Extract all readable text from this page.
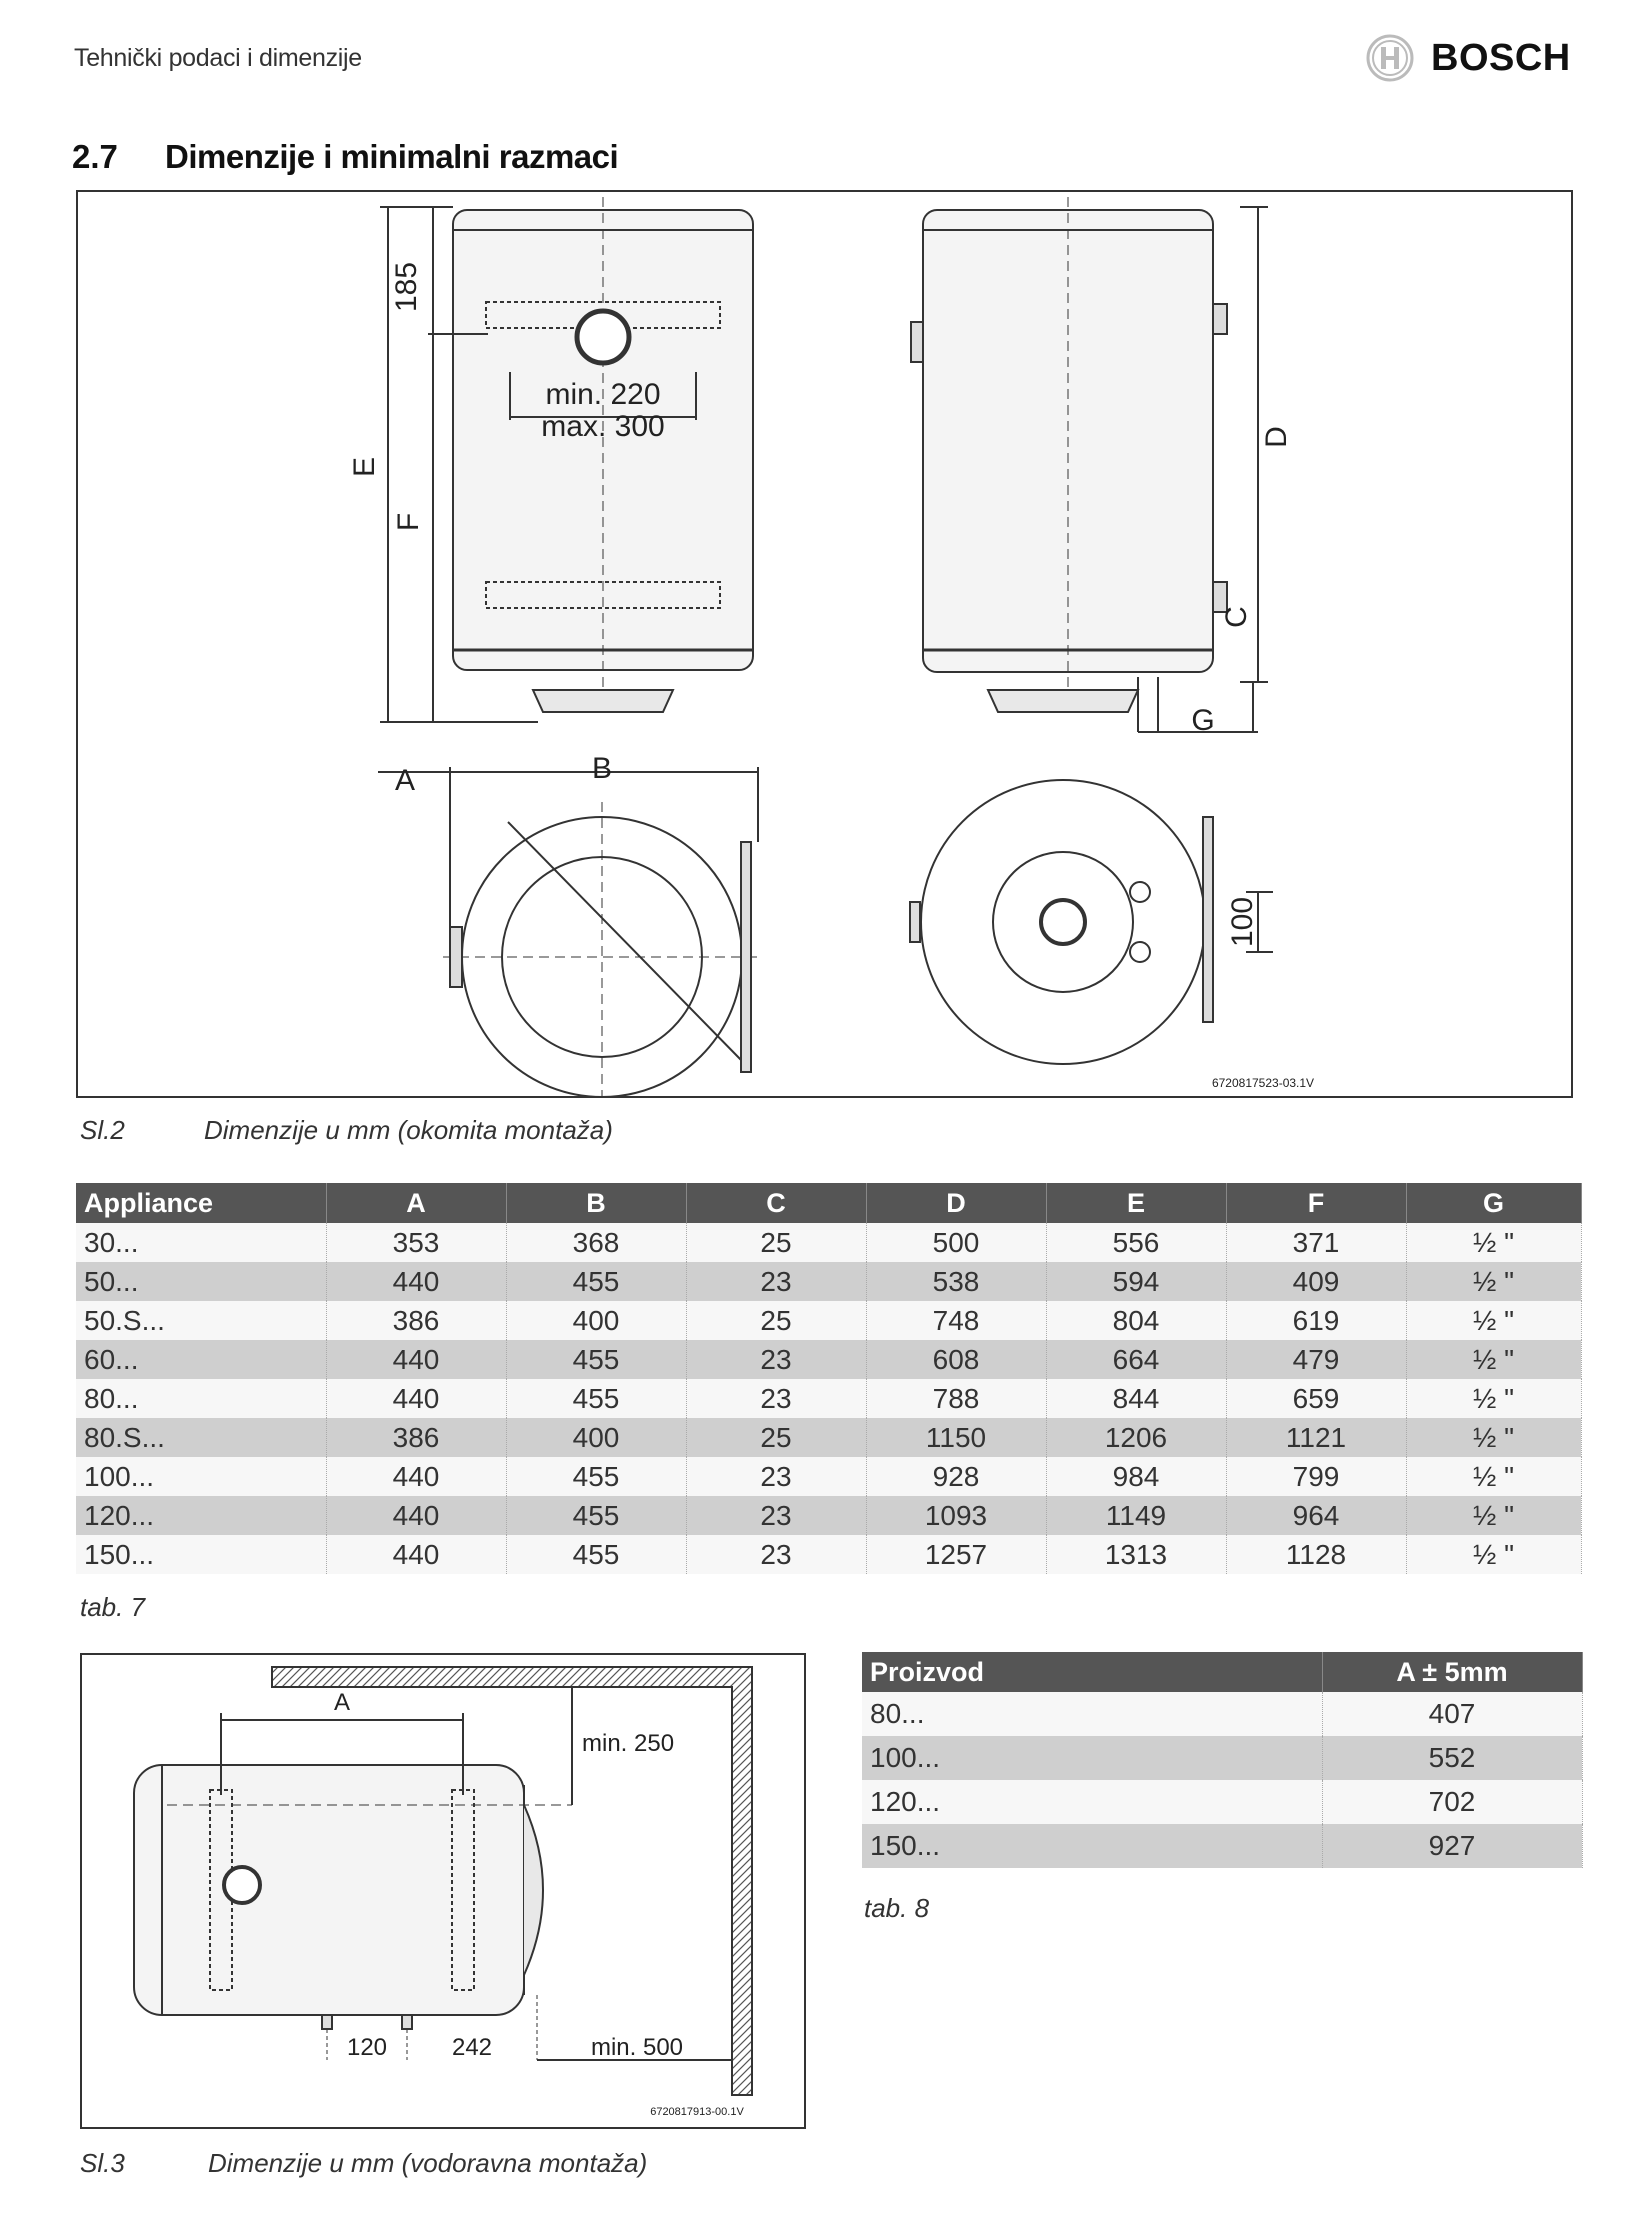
Tehnički podaci i dimenzije	BOSCH
2.7 Dimenzije i minimalni razmaci
185
min. 220
max. 300
E
F
D
C
G
A	B
100
6720817523-03.1V
Sl.2	Dimenzije u mm (okomita montaža)
Appliance	A	B	C	D	E	F	G
30...	353	368	25	500	556	371	½ "
50...	440	455	23	538	594	409	½ "
50.S...	386	400	25	748	804	619	½ "
60...	440	455	23	608	664	479	½ "
80...	440	455	23	788	844	659	½ "
80.S...	386	400	25	1150	1206	1121	½ "
100...	440	455	23	928	984	799	½ "
120...	440	455	23	1093	1149	964	½ "
150...	440	455	23	1257	1313	1128	½ "
tab. 7
A
min. 250
120	242	min. 500
6720817913-00.1V
Sl.3	Dimenzije u mm (vodoravna montaža)
Proizvod	A ± 5mm
80...	407
100...	552
120...	702
150...	927
tab. 8
